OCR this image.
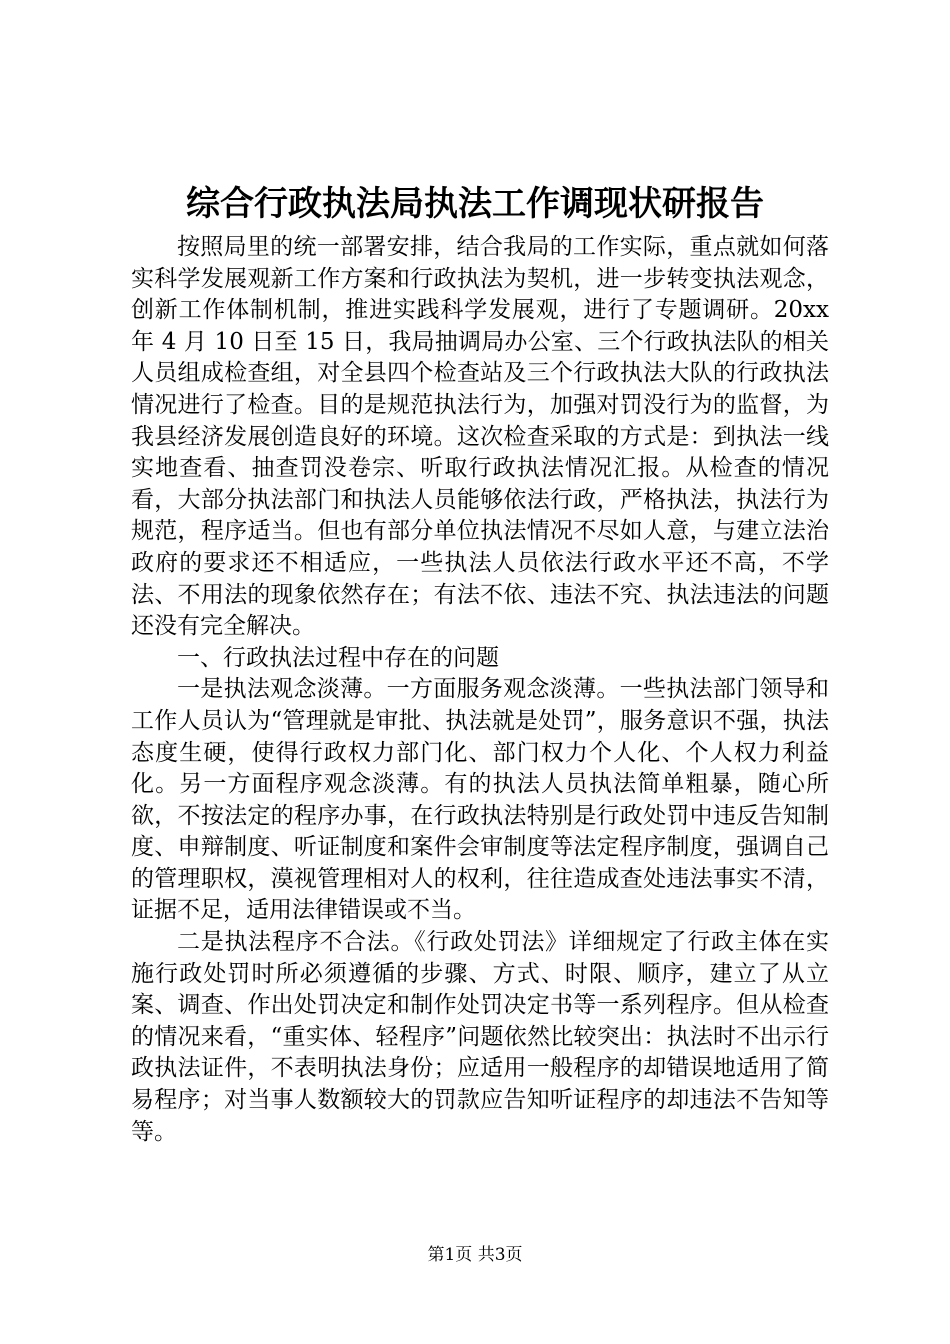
综合行政执法局执法工作调现状研报告

按照局里的统一部署安排，结合我局的工作实际，重点就如何落实科学发展观新工作方案和行政执法为契机，进一步转变执法观念，创新工作体制机制，推进实践科学发展观，进行了专题调研。20xx 年 4 月 10 日至 15 日，我局抽调局办公室、三个行政执法队的相关人员组成检查组，对全县四个检查站及三个行政执法大队的行政执法情况进行了检查。目的是规范执法行为，加强对罚没行为的监督，为我县经济发展创造良好的环境。这次检查采取的方式是：到执法一线实地查看、抽查罚没卷宗、听取行政执法情况汇报。从检查的情况看，大部分执法部门和执法人员能够依法行政，严格执法，执法行为规范，程序适当。但也有部分单位执法情况不尽如人意，与建立法治政府的要求还不相适应，一些执法人员依法行政水平还不高，不学法、不用法的现象依然存在；有法不依、违法不究、执法违法的问题还没有完全解决。

一、行政执法过程中存在的问题

一是执法观念淡薄。一方面服务观念淡薄。一些执法部门领导和工作人员认为“管理就是审批、执法就是处罚”，服务意识不强，执法态度生硬，使得行政权力部门化、部门权力个人化、个人权力利益化。另一方面程序观念淡薄。有的执法人员执法简单粗暴，随心所欲，不按法定的程序办事，在行政执法特别是行政处罚中违反告知制度、申辩制度、听证制度和案件会审制度等法定程序制度，强调自己的管理职权，漠视管理相对人的权利，往往造成查处违法事实不清，证据不足，适用法律错误或不当。

二是执法程序不合法。《行政处罚法》详细规定了行政主体在实施行政处罚时所必须遵循的步骤、方式、时限、顺序，建立了从立案、调查、作出处罚决定和制作处罚决定书等一系列程序。但从检查的情况来看，“重实体、轻程序”问题依然比较突出：执法时不出示行政执法证件，不表明执法身份；应适用一般程序的却错误地适用了简易程序；对当事人数额较大的罚款应告知听证程序的却违法不告知等等。

第1页 共3页
